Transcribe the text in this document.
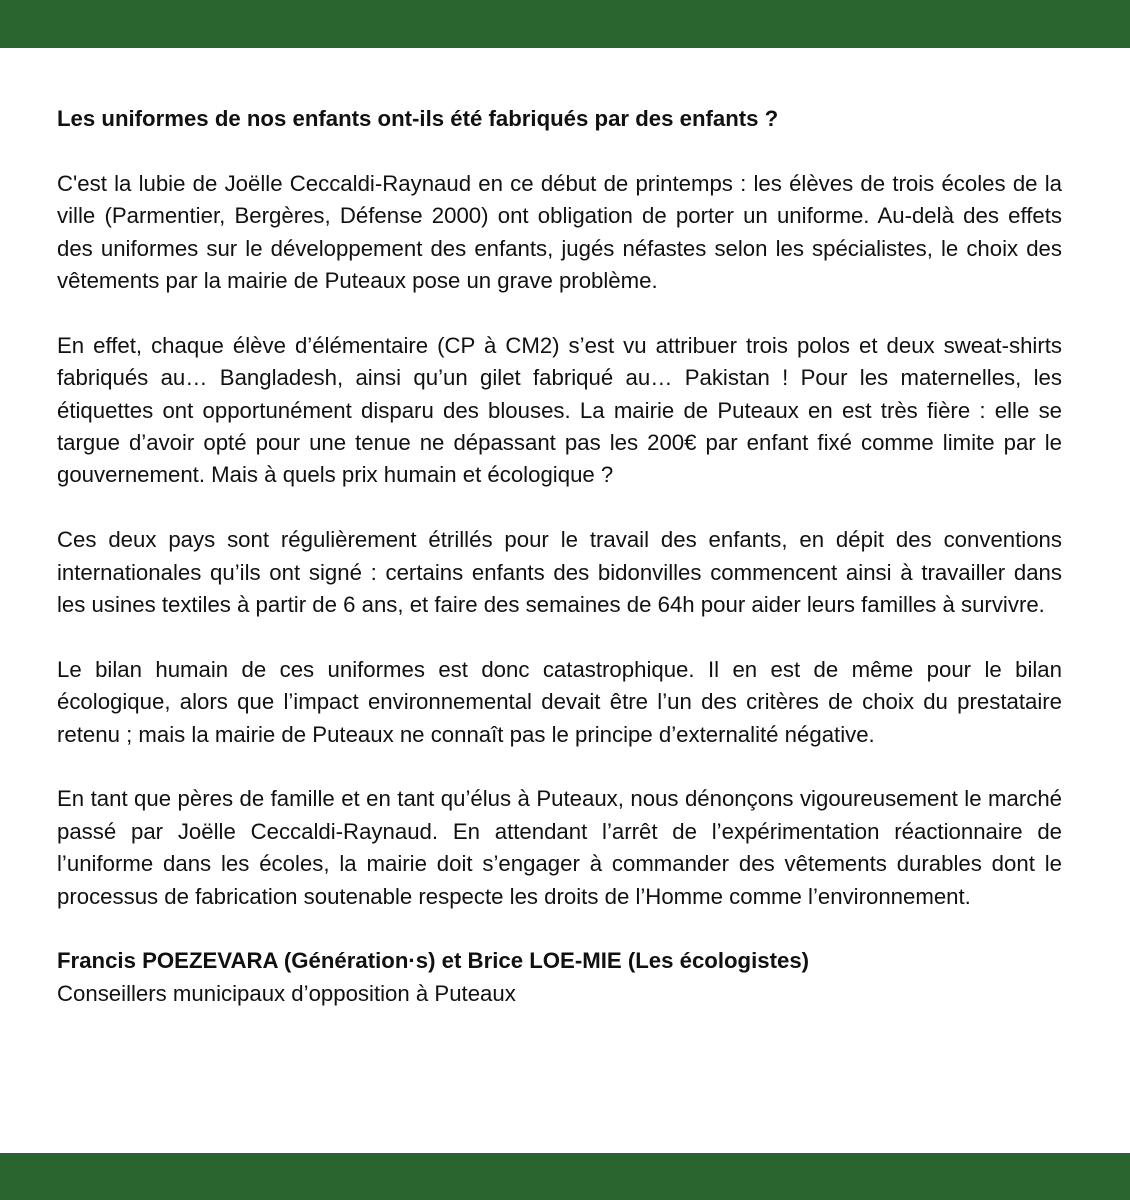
Les uniformes de nos enfants ont-ils été fabriqués par des enfants ?

C'est la lubie de Joëlle Ceccaldi-Raynaud en ce début de printemps : les élèves de trois écoles de la ville (Parmentier, Bergères, Défense 2000) ont obligation de porter un uniforme. Au-delà des effets des uniformes sur le développement des enfants, jugés néfastes selon les spécialistes, le choix des vêtements par la mairie de Puteaux pose un grave problème.

En effet, chaque élève d’élémentaire (CP à CM2) s’est vu attribuer trois polos et deux sweat-shirts fabriqués au… Bangladesh, ainsi qu’un gilet fabriqué au… Pakistan ! Pour les maternelles, les étiquettes ont opportunément disparu des blouses. La mairie de Puteaux en est très fière : elle se targue d’avoir opté pour une tenue ne dépassant pas les 200€ par enfant fixé comme limite par le gouvernement. Mais à quels prix humain et écologique ?

Ces deux pays sont régulièrement étrillés pour le travail des enfants, en dépit des conventions internationales qu’ils ont signé : certains enfants des bidonvilles commencent ainsi à travailler dans les usines textiles à partir de 6 ans, et faire des semaines de 64h pour aider leurs familles à survivre.

Le bilan humain de ces uniformes est donc catastrophique. Il en est de même pour le bilan écologique, alors que l’impact environnemental devait être l’un des critères de choix du prestataire retenu ; mais la mairie de Puteaux ne connaît pas le principe d’externalité négative.

En tant que pères de famille et en tant qu’élus à Puteaux, nous dénonçons vigoureusement le marché passé par Joëlle Ceccaldi-Raynaud. En attendant l’arrêt de l’expérimentation réactionnaire de l’uniforme dans les écoles, la mairie doit s’engager à commander des vêtements durables dont le processus de fabrication soutenable respecte les droits de l’Homme comme l’environnement.

Francis POEZEVARA (Génération·s) et Brice LOE-MIE (Les écologistes)

Conseillers municipaux d’opposition à Puteaux
